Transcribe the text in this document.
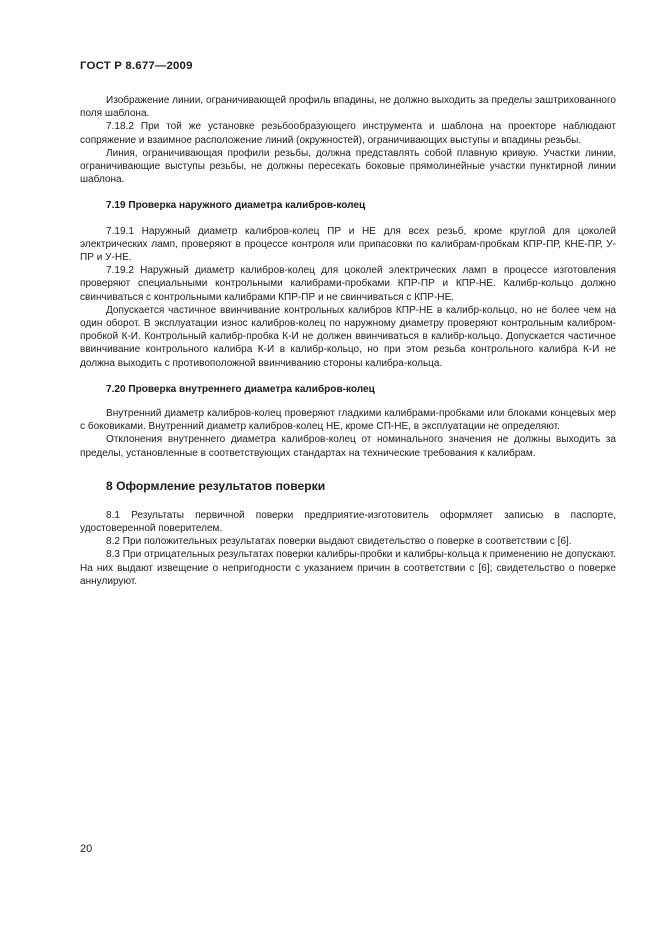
ГОСТ Р 8.677—2009

Изображение линии, ограничивающей профиль впадины, не должно выходить за пределы заштрихованного поля шаблона.

7.18.2 При той же установке резьбообразующего инструмента и шаблона на проекторе наблюдают сопряжение и взаимное расположение линий (окружностей), ограничивающих выступы и впадины резьбы.

Линия, ограничивающая профили резьбы, должна представлять собой плавную кривую. Участки линии, ограничивающие выступы резьбы, не должны пересекать боковые прямолинейные участки пунктирной линии шаблона.

7.19 Проверка наружного диаметра калибров-колец

7.19.1 Наружный диаметр калибров-колец ПР и НЕ для всех резьб, кроме круглой для цоколей электрических ламп, проверяют в процессе контроля или припасовки по калибрам-пробкам КПР-ПР, КНЕ-ПР, У-ПР и У-НЕ.

7.19.2 Наружный диаметр калибров-колец для цоколей электрических ламп в процессе изготовления проверяют специальными контрольными калибрами-пробками КПР-ПР и КПР-НЕ. Калибр-кольцо должно свинчиваться с контрольными калибрами КПР-ПР и не свинчиваться с КПР-НЕ.

Допускается частичное ввинчивание контрольных калибров КПР-НЕ в калибр-кольцо, но не более чем на один оборот. В эксплуатации износ калибров-колец по наружному диаметру проверяют контрольным калибром-пробкой К-И. Контрольный калибр-пробка К-И не должен ввинчиваться в калибр-кольцо. Допускается частичное ввинчивание контрольного калибра К-И в калибр-кольцо, но при этом резьба контрольного калибра К-И не должна выходить с противоположной ввинчиванию стороны калибра-кольца.

7.20 Проверка внутреннего диаметра калибров-колец

Внутренний диаметр калибров-колец проверяют гладкими калибрами-пробками или блоками концевых мер с боковиками. Внутренний диаметр калибров-колец НЕ, кроме СП-НЕ, в эксплуатации не определяют.

Отклонения внутреннего диаметра калибров-колец от номинального значения не должны выходить за пределы, установленные в соответствующих стандартах на технические требования к калибрам.

8 Оформление результатов поверки

8.1 Результаты первичной поверки предприятие-изготовитель оформляет записью в паспорте, удостоверенной поверителем.

8.2 При положительных результатах поверки выдают свидетельство о поверке в соответствии с [6].

8.3 При отрицательных результатах поверки калибры-пробки и калибры-кольца к применению не допускают. На них выдают извещение о непригодности с указанием причин в соответствии с [6]; свидетельство о поверке аннулируют.

20
